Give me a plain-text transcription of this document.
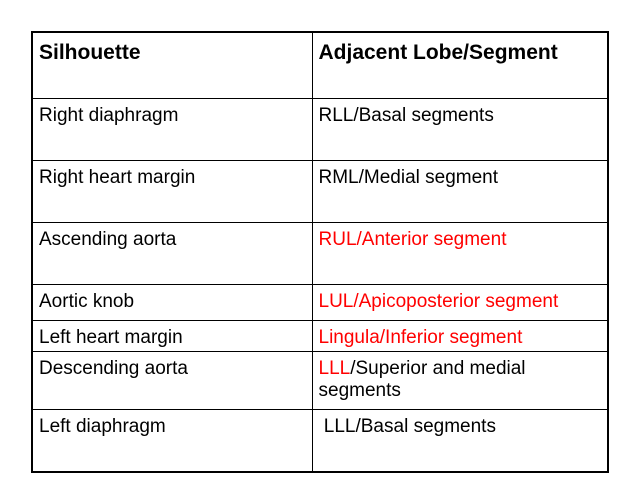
Silhouette	Adjacent Lobe/Segment
Right diaphragm	RLL/Basal segments
Right heart margin	RML/Medial segment
Ascending aorta	RUL/Anterior segment
Aortic knob	LUL/Apicoposterior segment
Left heart margin	Lingula/Inferior segment
Descending aorta	LLL/Superior and medial segments
Left diaphragm	LLL/Basal segments
